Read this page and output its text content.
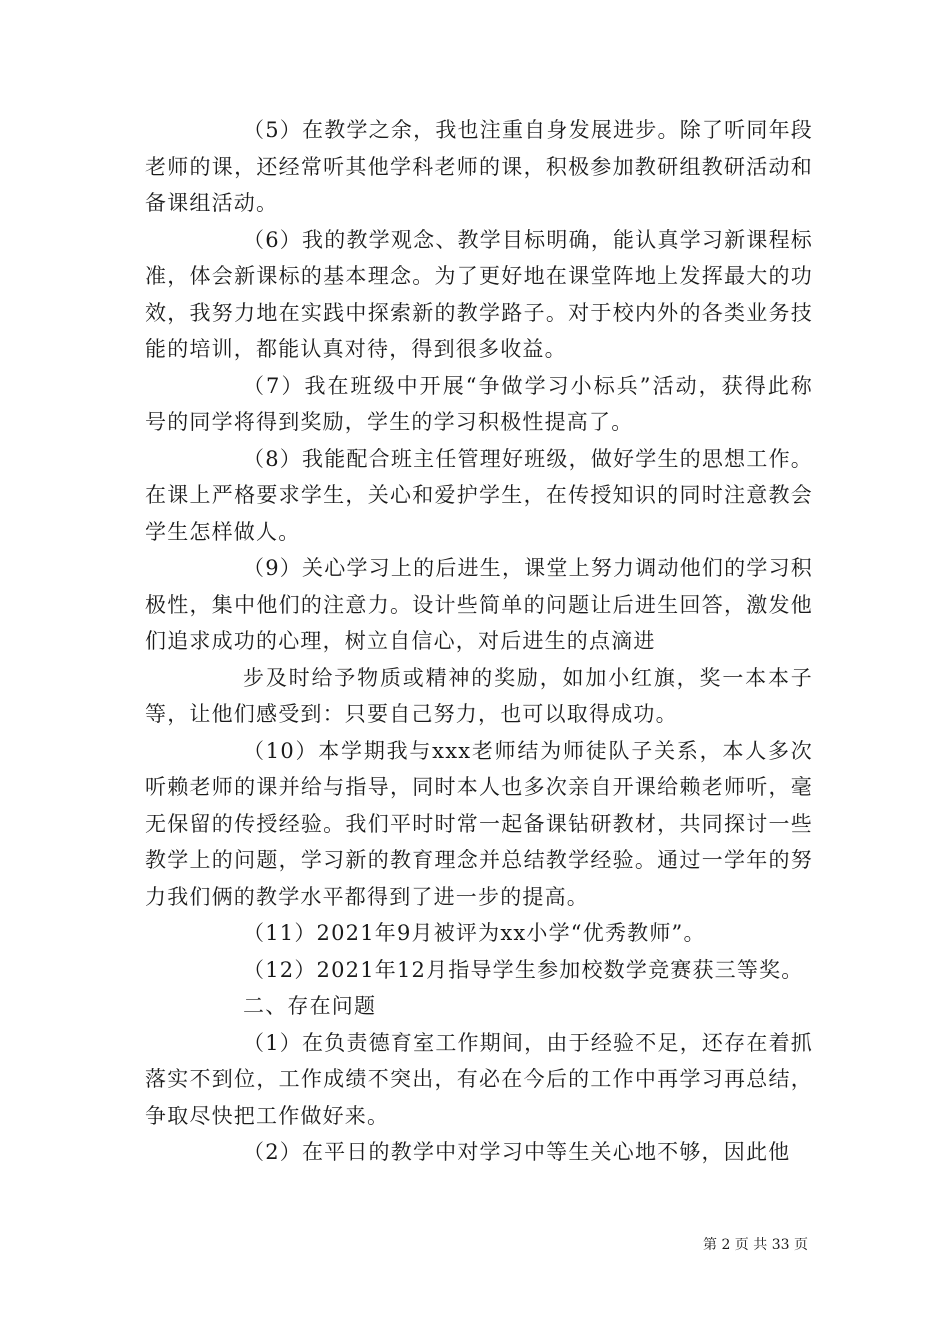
（5）在教学之余，我也注重自身发展进步。除了听同年段老师的课，还经常听其他学科老师的课，积极参加教研组教研活动和备课组活动。

（6）我的教学观念、教学目标明确，能认真学习新课程标准，体会新课标的基本理念。为了更好地在课堂阵地上发挥最大的功效，我努力地在实践中探索新的教学路子。对于校内外的各类业务技能的培训，都能认真对待，得到很多收益。

（7）我在班级中开展“争做学习小标兵”活动，获得此称号的同学将得到奖励，学生的学习积极性提高了。

（8）我能配合班主任管理好班级，做好学生的思想工作。在课上严格要求学生，关心和爱护学生，在传授知识的同时注意教会学生怎样做人。

（9）关心学习上的后进生，课堂上努力调动他们的学习积极性，集中他们的注意力。设计些简单的问题让后进生回答，激发他们追求成功的心理，树立自信心，对后进生的点滴进

步及时给予物质或精神的奖励，如加小红旗，奖一本本子等，让他们感受到：只要自己努力，也可以取得成功。

（10）本学期我与xxx老师结为师徒队子关系，本人多次听赖老师的课并给与指导，同时本人也多次亲自开课给赖老师听，毫无保留的传授经验。我们平时时常一起备课钻研教材，共同探讨一些教学上的问题，学习新的教育理念并总结教学经验。通过一学年的努力我们俩的教学水平都得到了进一步的提高。

（11）2021年9月被评为xx小学“优秀教师”。

（12）2021年12月指导学生参加校数学竞赛获三等奖。

二、存在问题

（1）在负责德育室工作期间，由于经验不足，还存在着抓落实不到位，工作成绩不突出，有必在今后的工作中再学习再总结，争取尽快把工作做好来。

（2）在平日的教学中对学习中等生关心地不够，因此他

第 2 页 共 33 页
